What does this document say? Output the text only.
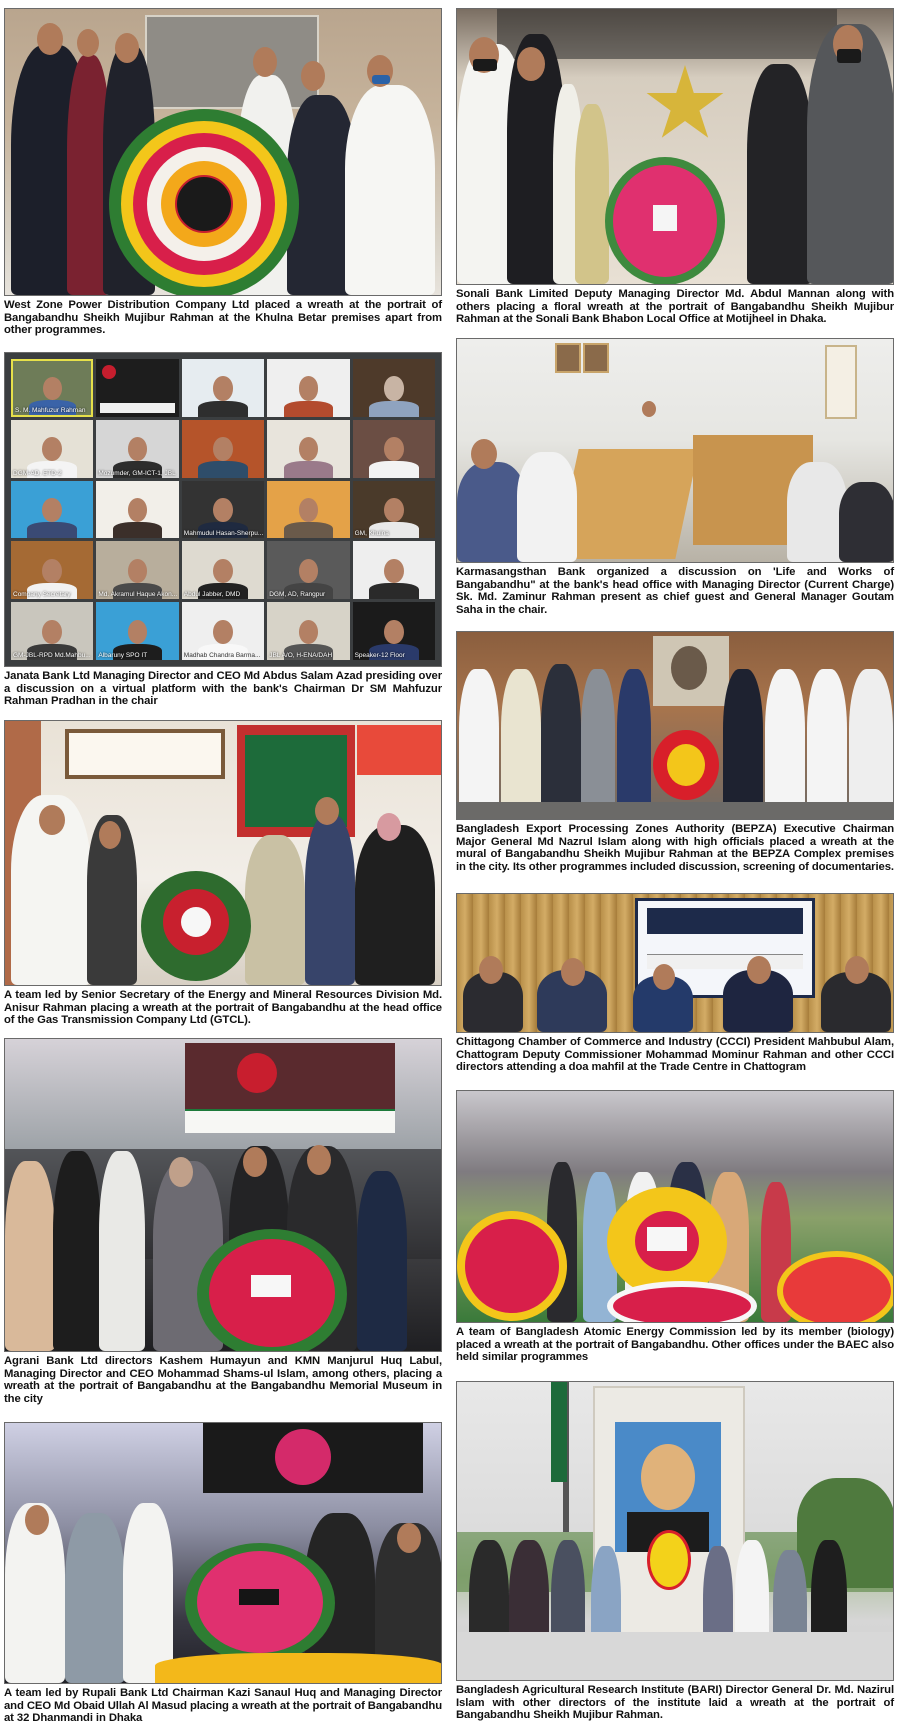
West Zone Power Distribution Company Ltd placed a wreath at the portrait of Bangabandhu Sheikh Mujibur Rahman at the Khulna Betar premises apart from other programmes.
S. M. Mahfuzur Rahman
DGM-AD, ETD-2	Mozumder, GM-ICT-1, JBL
Mahmudul Hasan-Sherpu...	GM, Khulna
Company Secretary	Md. Akramul Haque Akon... Abdul Jabber, DMD	DGM, AD, Rangpur
GM-JBL-RPD Md.Mahbu... Albaruny SPO IT	Madhab Chandra Barma... JBL A/O, H-ENA/DAH	Speaker-12 Floor
Janata Bank Ltd Managing Director and CEO Md Abdus Salam Azad presiding over a discussion on a virtual platform with the bank's Chairman Dr SM Mahfuzur Rahman Pradhan in the chair
A team led by Senior Secretary of the Energy and Mineral Resources Division Md. Anisur Rahman placing a wreath at the portrait of Bangabandhu at the head office of the Gas Transmission Company Ltd (GTCL).
Agrani Bank Ltd directors Kashem Humayun and KMN Manjurul Huq Labul, Managing Director and CEO Mohammad Shams-ul Islam, among others, placing a wreath at the portrait of Bangabandhu at the Bangabandhu Memorial Museum in the city
A team led by Rupali Bank Ltd Chairman Kazi Sanaul Huq and Managing Director and CEO Md Obaid Ullah Al Masud placing a wreath at the portrait of Bangabandhu at 32 Dhanmandi in Dhaka
Sonali Bank Limited Deputy Managing Director Md. Abdul Mannan along with others placing a floral wreath at the portrait of Bangabandhu Sheikh Mujibur Rahman at the Sonali Bank Bhabon Local Office at Motijheel in Dhaka.
Karmasangsthan Bank organized a discussion on 'Life and Works of Bangabandhu" at the bank's head office with Managing Director (Current Charge) Sk. Md. Zaminur Rahman present as chief guest and General Manager Goutam Saha in the chair.
Bangladesh Export Processing Zones Authority (BEPZA) Executive Chairman Major General Md Nazrul Islam along with high officials placed a wreath at the mural of Bangabandhu Sheikh Mujibur Rahman at the BEPZA Complex premises in the city. Its other programmes included discussion, screening of documentaries.
Chittagong Chamber of Commerce and Industry (CCCI) President Mahbubul Alam, Chattogram Deputy Commissioner Mohammad Mominur Rahman and other CCCI directors attending a doa mahfil at the Trade Centre in Chattogram
A team of Bangladesh Atomic Energy Commission led by its member (biology) placed a wreath at the portrait of Bangabandhu. Other offices under the BAEC also held similar programmes
Bangladesh Agricultural Research Institute (BARI) Director General Dr. Md. Nazirul Islam with other directors of the institute laid a wreath at the portrait of Bangabandhu Sheikh Mujibur Rahman.
